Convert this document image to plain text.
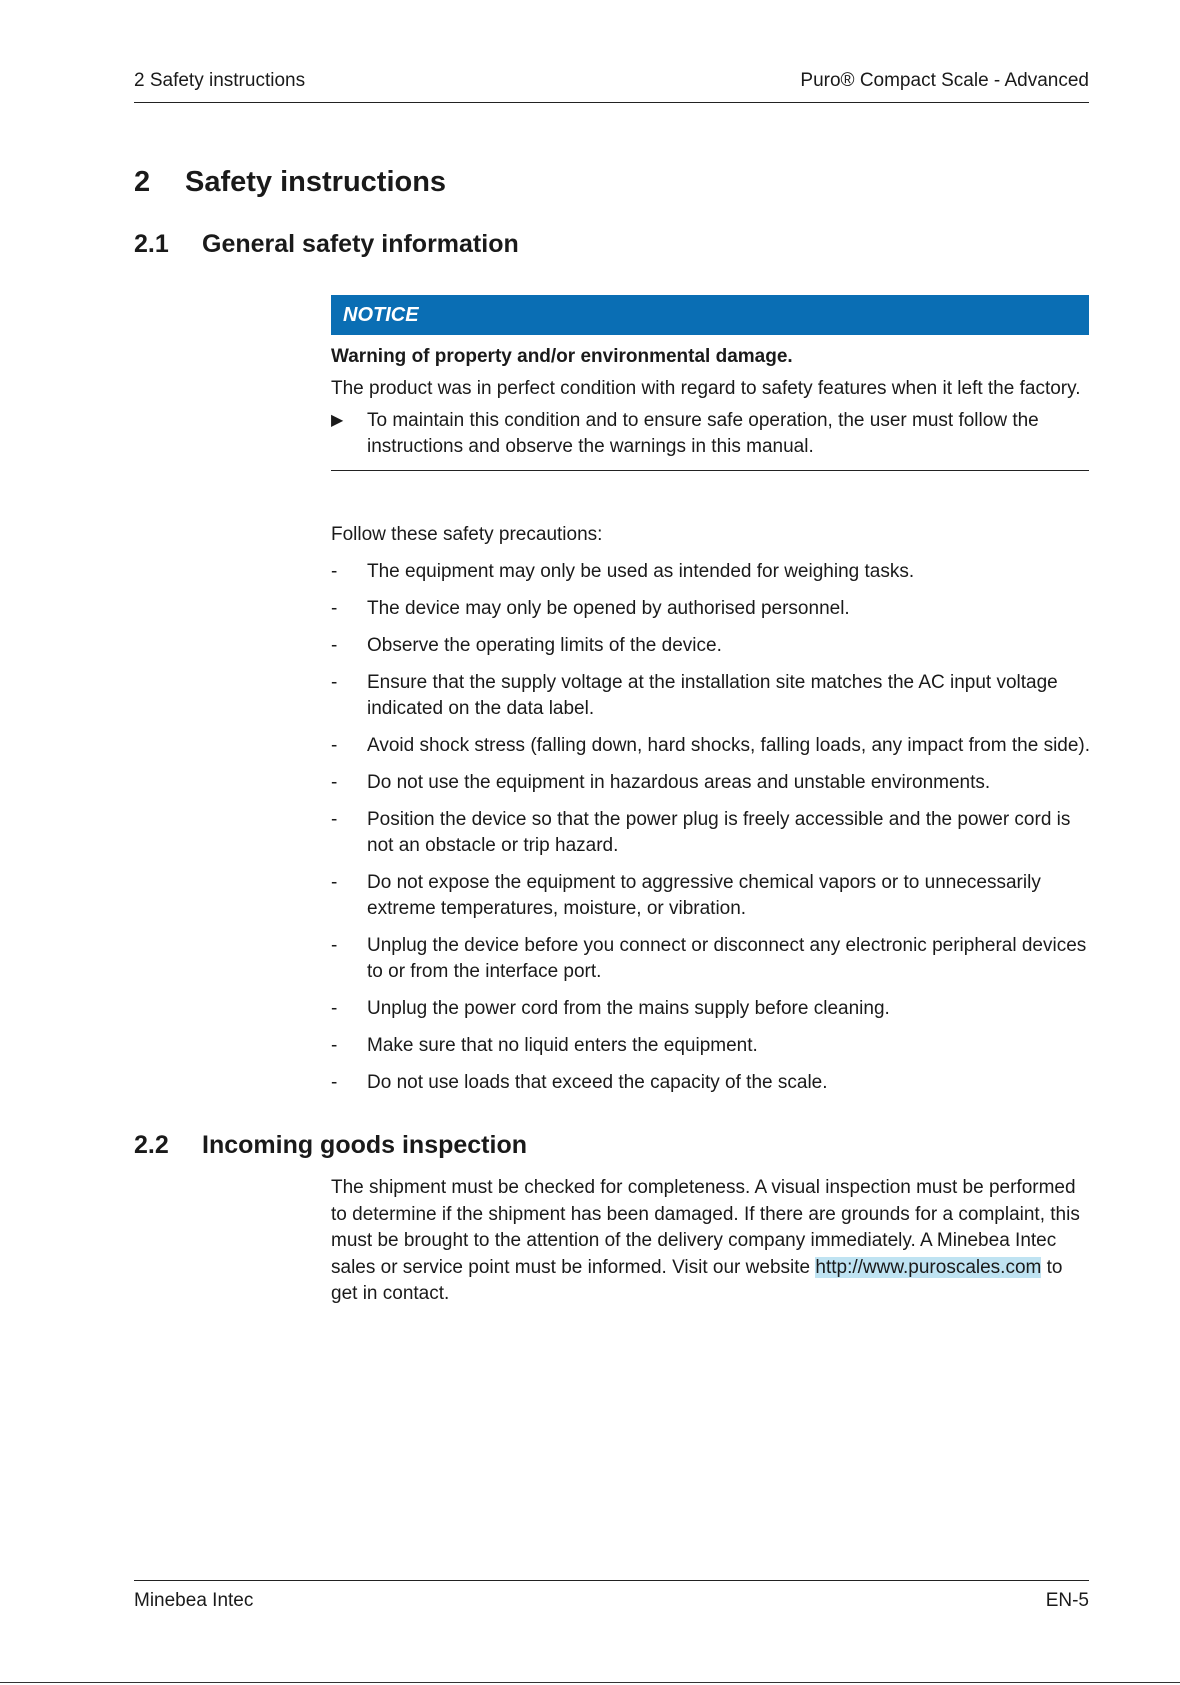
2 Safety instructions	Puro® Compact Scale - Advanced
2	Safety instructions
2.1	General safety information
NOTICE
Warning of property and/or environmental damage.

The product was in perfect condition with regard to safety features when it left the factory.

▶	To maintain this condition and to ensure safe operation, the user must follow the instructions and observe the warnings in this manual.

Follow these safety precautions:

-	The equipment may only be used as intended for weighing tasks.
-	The device may only be opened by authorised personnel.
-	Observe the operating limits of the device.
-	Ensure that the supply voltage at the installation site matches the AC input voltage indicated on the data label.
-	Avoid shock stress (falling down, hard shocks, falling loads, any impact from the side).
-	Do not use the equipment in hazardous areas and unstable environments.
-	Position the device so that the power plug is freely accessible and the power cord is not an obstacle or trip hazard.
-	Do not expose the equipment to aggressive chemical vapors or to unnecessarily extreme temperatures, moisture, or vibration.
-	Unplug the device before you connect or disconnect any electronic peripheral devices to or from the interface port.
-	Unplug the power cord from the mains supply before cleaning.
-	Make sure that no liquid enters the equipment.
-	Do not use loads that exceed the capacity of the scale.
2.2	Incoming goods inspection

The shipment must be checked for completeness. A visual inspection must be performed to determine if the shipment has been damaged. If there are grounds for a complaint, this must be brought to the attention of the delivery company immediately. A Minebea Intec sales or service point must be informed. Visit our website http://www.puroscales.com to get in contact.

Minebea Intec	EN-5
